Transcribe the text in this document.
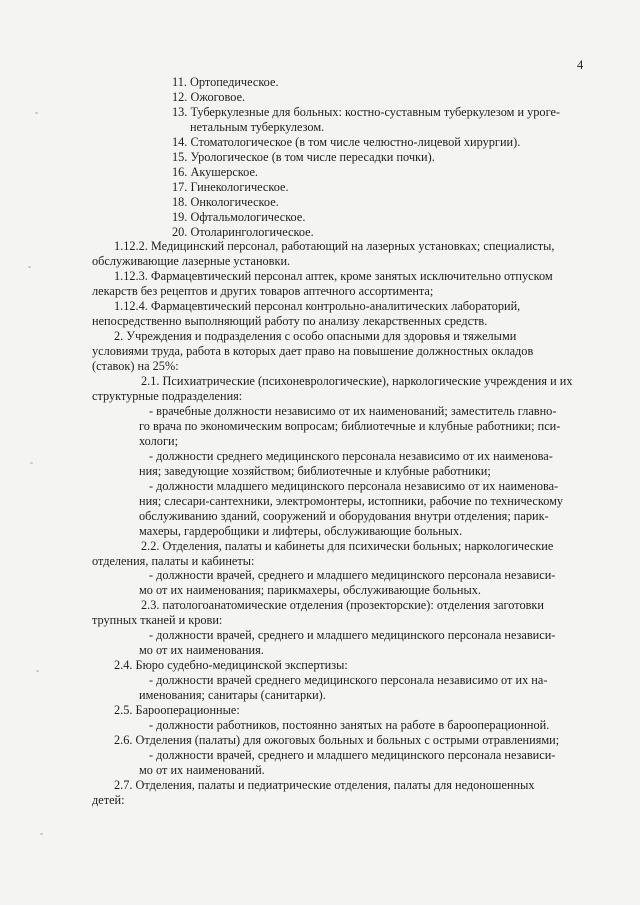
4

11. Ортопедическое.

12. Ожоговое.

13. Туберкулезные для больных: костно-суставным туберкулезом и уроге-

нетальным туберкулезом.

14. Стоматологическое (в том числе челюстно-лицевой хирургии).

15. Урологическое (в том числе пересадки почки).

16. Акушерское.

17. Гинекологическое.

18. Онкологическое.

19. Офтальмологическое.

20. Отоларингологическое.

1.12.2. Медицинский персонал, работающий на лазерных установках; специалисты,

обслуживающие лазерные установки.

1.12.3. Фармацевтический персонал аптек, кроме занятых исключительно отпуском

лекарств без рецептов и других товаров аптечного ассортимента;

1.12.4. Фармацевтический персонал контрольно-аналитических лабораторий,

непосредственно выполняющий работу по анализу лекарственных средств.

2. Учреждения и подразделения с особо опасными для здоровья и тяжелыми

условиями труда, работа в которых дает право на повышение должностных окладов

(ставок) на 25%:

2.1. Психиатрические (психоневрологические), наркологические учреждения и их

структурные подразделения:

- врачебные должности независимо от их наименований; заместитель главно-

го врача по экономическим вопросам; библиотечные и клубные работники; пси-

хологи;

- должности среднего медицинского персонала независимо от их наименова-

ния; заведующие хозяйством; библиотечные и клубные работники;

- должности младшего медицинского персонала независимо от их наименова-

ния; слесари-сантехники, электромонтеры, истопники, рабочие по техническому

обслуживанию зданий, сооружений и оборудования внутри отделения; парик-

махеры, гардеробщики и лифтеры, обслуживающие больных.

2.2. Отделения, палаты и кабинеты для психически больных; наркологические

отделения, палаты и кабинеты:

- должности врачей, среднего и младшего медицинского персонала независи-

мо от их наименования; парикмахеры, обслуживающие больных.

2.3. патологоанатомические отделения (прозекторские): отделения заготовки

трупных тканей и крови:

- должности врачей, среднего и младшего медицинского персонала независи-

мо от их наименования.

2.4. Бюро судебно-медицинской экспертизы:

- должности врачей среднего медицинского персонала независимо от их на-

именования; санитары (санитарки).

2.5. Бароoперационные:

- должности работников, постоянно занятых на работе в бароoперационной.

2.6. Отделения (палаты) для ожоговых больных и больных с острыми отравлениями;

- должности врачей, среднего и младшего медицинского персонала независи-

мо от их наименований.

2.7. Отделения, палаты и педиатрические отделения, палаты для недоношенных

детей:
